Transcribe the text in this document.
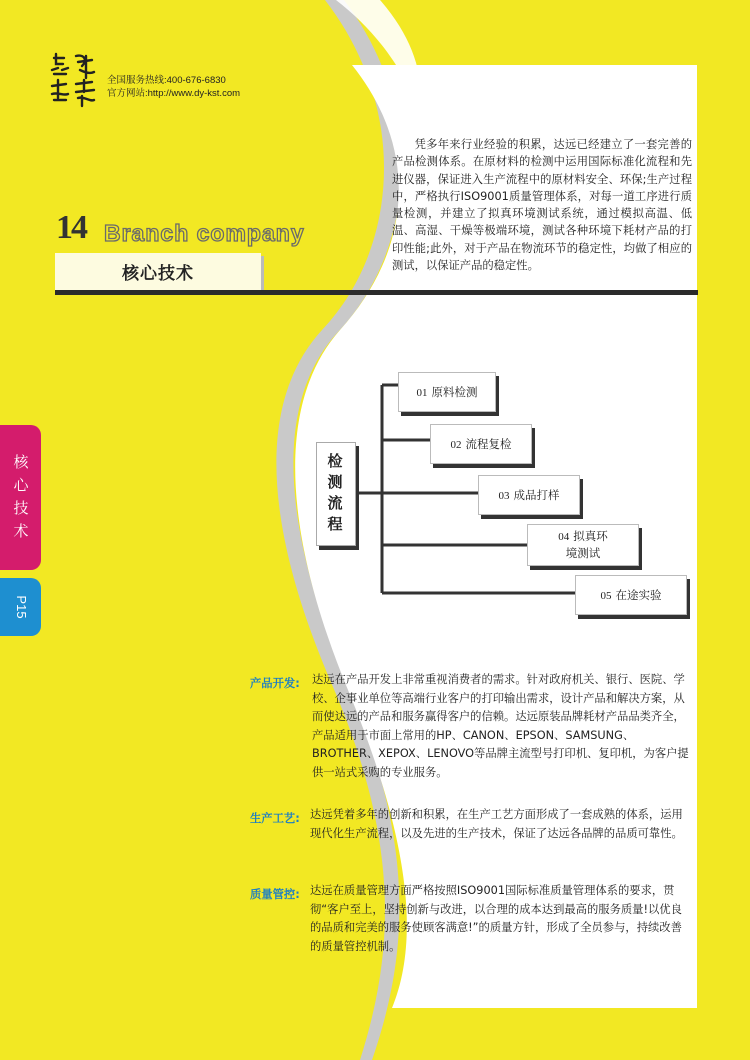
全国服务热线:400-676-6830
官方网站:http://www.dy-kst.com
凭多年来行业经验的积累，达远已经建立了一套完善的产品检测体系。在原材料的检测中运用国际标准化流程和先进仪器，保证进入生产流程中的原材料安全、环保;生产过程中，严格执行ISO9001质量管理体系，对每一道工序进行质量检测，并建立了拟真环境测试系统，通过模拟高温、低温、高湿、干燥等极端环境，测试各种环境下耗材产品的打印性能;此外，对于产品在物流环节的稳定性，均做了相应的测试，以保证产品的稳定性。
14 Branch company
核心技术
核
心
技
术
P15
检
测
流
程
01 原料检测
02 流程复检
03 成品打样
04 拟真环
境测试
05 在途实验
产品开发: 达远在产品开发上非常重视消费者的需求。针对政府机关、银行、医院、学校、企事业单位等高端行业客户的打印输出需求，设计产品和解决方案，从而使达远的产品和服务赢得客户的信赖。达远原装品牌耗材产品品类齐全，产品适用于市面上常用的HP、CANON、EPSON、SAMSUNG、BROTHER、XEPOX、LENOVO等品牌主流型号打印机、复印机，为客户提供一站式采购的专业服务。
生产工艺: 达远凭着多年的创新和积累，在生产工艺方面形成了一套成熟的体系，运用现代化生产流程，以及先进的生产技术，保证了达远各品牌的品质可靠性。
质量管控: 达远在质量管理方面严格按照ISO9001国际标准质量管理体系的要求，贯彻“客户至上，坚持创新与改进，以合理的成本达到最高的服务质量!以优良的品质和完美的服务使顾客满意!”的质量方针，形成了全员参与，持续改善的质量管控机制。
